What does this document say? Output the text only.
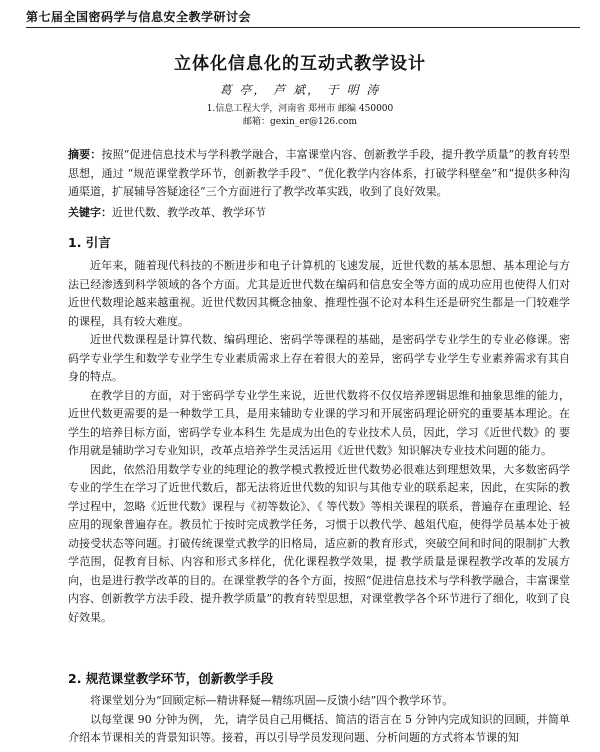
第七届全国密码学与信息安全教学研讨会
立体化信息化的互动式教学设计
葛 亭， 芦 斌， 于 明 涛
1.信息工程大学，河南省 郑州市 邮编 450000
邮箱：gexin_er@126.com
摘要：按照“促进信息技术与学科教学融合，丰富课堂内容、创新教学手段，提升教学质量”的教育转型思想，通过 “规范课堂教学环节，创新教学手段”、“优化教学内容体系，打破学科壁垒”和“提供多种沟通渠道，扩展辅导答疑途径”三个方面进行了教学改革实践，收到了良好效果。
关键字：近世代数、教学改革、教学环节
1. 引言

近年来，随着现代科技的不断进步和电子计算机的飞速发展，近世代数的基本思想、基本理论与方法已经渗透到科学领域的各个方面。尤其是近世代数在编码和信息安全等方面的成功应用也使得人们对近世代数理论越来越重视。近世代数因其概念抽象、推理性强不论对本科生还是研究生都是一门较难学的课程，具有较大难度。

近世代数课程是计算代数、编码理论、密码学等课程的基础，是密码学专业学生的专业必修课。密码学专业学生和数学专业学生专业素质需求上存在着很大的差异，密码学专业学生专业素养需求有其自身的特点。

在教学目的方面，对于密码学专业学生来说，近世代数将不仅仅培养逻辑思维和抽象思维的能力，近世代数更需要的是一种数学工具，是用来辅助专业课的学习和开展密码理论研究的重要基本理论。在学生的培养目标方面，密码学专业本科生 先是成为出色的专业技术人员，因此，学习《近世代数》的 要作用就是辅助学习专业知识，改革点培养学生灵活运用《近世代数》知识解决专业技术问题的能力。

因此，依然沿用数学专业的纯理论的教学模式教授近世代数势必很难达到理想效果，大多数密码学专业的学生在学习了近世代数后，都无法将近世代数的知识与其他专业的联系起来，因此，在实际的教学过程中，忽略《近世代数》课程与《初等数论》、《 等代数》等相关课程的联系，普遍存在重理论、轻应用的现象普遍存在。教员忙于按时完成教学任务，习惯于以教代学、越俎代庖，使得学员基本处于被动接受状态等问题。打破传统课堂式教学的旧格局，适应新的教育形式，突破空间和时间的限制扩大教学范围，促教育目标、内容和形式多样化，优化课程教学效果，提 教学质量是课程教学改革的发展方向，也是进行教学改革的目的。在课堂教学的各个方面，按照“促进信息技术与学科教学融合，丰富课堂内容、创新教学方法手段、提升教学质量”的教育转型思想，对课堂教学各个环节进行了细化，收到了良好效果。

2. 规范课堂教学环节，创新教学手段

将课堂划分为“回顾定标—精讲释疑—精练巩固—反馈小结”四个教学环节。

以每堂课 90 分钟为例， 先，请学员自己用概括、简洁的语言在 5 分钟内完成知识的回顾，并简单介绍本节课相关的背景知识等。接着，再以引导学员发现问题、分析问题的方式将本节课的知
